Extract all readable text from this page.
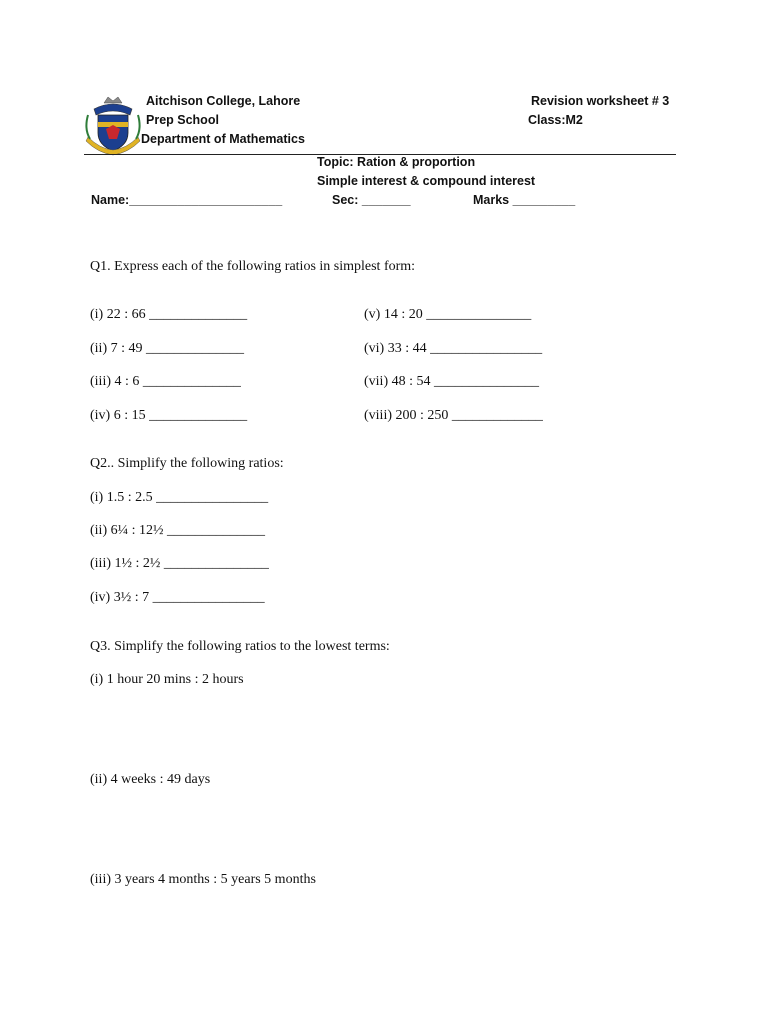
Aitchison College, Lahore
Prep School
Department of Mathematics
Revision worksheet # 3
Class:M2
Topic: Ration & proportion
Simple interest & compound interest
Name:______________________	Sec: _______	Marks _________
Q1. Express each of the following ratios in simplest form:
(i) 22 : 66 ______________
(ii) 7 : 49 ______________
(iii) 4 : 6 ______________
(iv) 6 : 15 ______________
(v) 14 : 20 _______________
(vi) 33 : 44 ________________
(vii) 48 : 54 _______________
(viii) 200 : 250 _____________
Q2.. Simplify the following ratios:
(i) 1.5 : 2.5 ________________
(ii) 6¼ : 12½ ______________
(iii) 1½ : 2½ _______________
(iv) 3½ : 7 ________________
Q3. Simplify the following ratios to the lowest terms:
(i) 1 hour 20 mins : 2 hours
(ii) 4 weeks : 49 days
(iii) 3 years 4 months : 5 years 5 months
